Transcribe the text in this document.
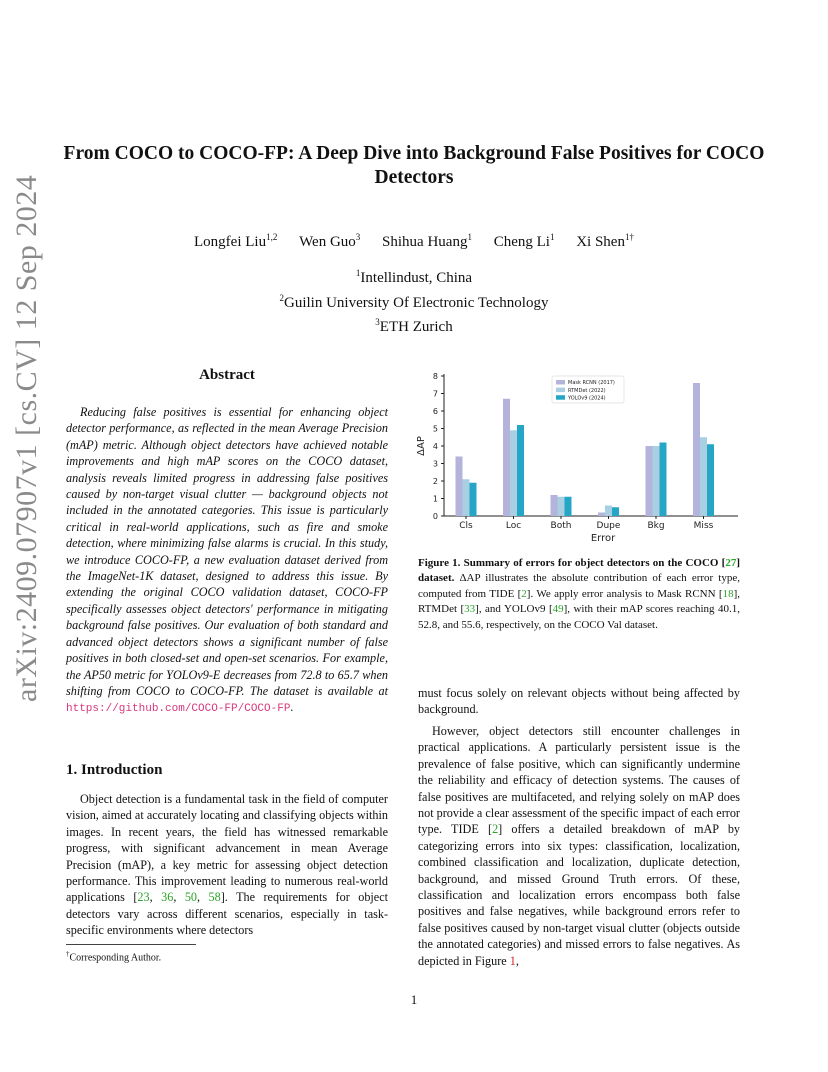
From COCO to COCO-FP: A Deep Dive into Background False Positives for COCO Detectors
Longfei Liu$^{1,2}$ Wen Guo$^3$ Shihua Huang$^1$ Cheng Li$^1$ Xi Shen$^{1\dagger}$
$^1$Intellindust, China
$^2$Guilin University Of Electronic Technology
$^3$ETH Zurich
arXiv:2409.07907v1 [cs.CV] 12 Sep 2024	Abstract
Reducing false positives is essential for enhancing object detector performance, as reflected in the mean Average Precision (mAP) metric. Although object detectors have achieved notable improvements and high mAP scores on the COCO dataset, analysis reveals limited progress in addressing false positives caused by non-target visual clutter — background objects not included in the annotated categories. This issue is particularly critical in real-world applications, such as fire and smoke detection, where minimizing false alarms is crucial. In this study, we introduce COCO-FP, a new evaluation dataset derived from the ImageNet-1K dataset, designed to address this issue. By extending the original COCO validation dataset, COCO-FP specifically assesses object detectors' performance in mitigating background false positives. Our evaluation of both standard and advanced object detectors shows a significant number of false positives in both closed-set and open-set scenarios. For example, the AP50 metric for YOLOv9-E decreases from 72.8 to 65.7 when shifting from COCO to COCO-FP. The dataset is available at https://github.com/COCO-FP/COCO-FP.
1. Introduction
Object detection is a fundamental task in the field of computer vision, aimed at accurately locating and classifying objects within images. In recent years, the field has witnessed remarkable progress, with significant advancement in mean Average Precision (mAP), a key metric for assessing object detection performance. This improvement leading to numerous real-world applications [23, 36, 50, 58]. The requirements for object detectors vary across different scenarios, especially in task-specific environments where detectors
†Corresponding Author.
0
1
2
3
4
5
6
7
8
ΔAP
Cls	Loc	Both	Dupe	Bkg	Miss
Error
Mask RCNN (2017)
RTMDet (2022)
YOLOv9 (2024)
Figure 1. Summary of errors for object detectors on the COCO [27] dataset. ΔAP illustrates the absolute contribution of each error type, computed from TIDE [2]. We apply error analysis to Mask RCNN [18], RTMDet [33], and YOLOv9 [49], with their mAP scores reaching 40.1, 52.8, and 55.6, respectively, on the COCO Val dataset.
must focus solely on relevant objects without being affected by background.
However, object detectors still encounter challenges in practical applications. A particularly persistent issue is the prevalence of false positive, which can significantly undermine the reliability and efficacy of detection systems. The causes of false positives are multifaceted, and relying solely on mAP does not provide a clear assessment of the specific impact of each error type. TIDE [2] offers a detailed breakdown of mAP by categorizing errors into six types: classification, localization, combined classification and localization, duplicate detection, background, and missed Ground Truth errors. Of these, classification and localization errors encompass both false positives and false negatives, while background errors refer to false positives caused by non-target visual clutter (objects outside the annotated categories) and missed errors to false negatives. As depicted in Figure 1,
1
